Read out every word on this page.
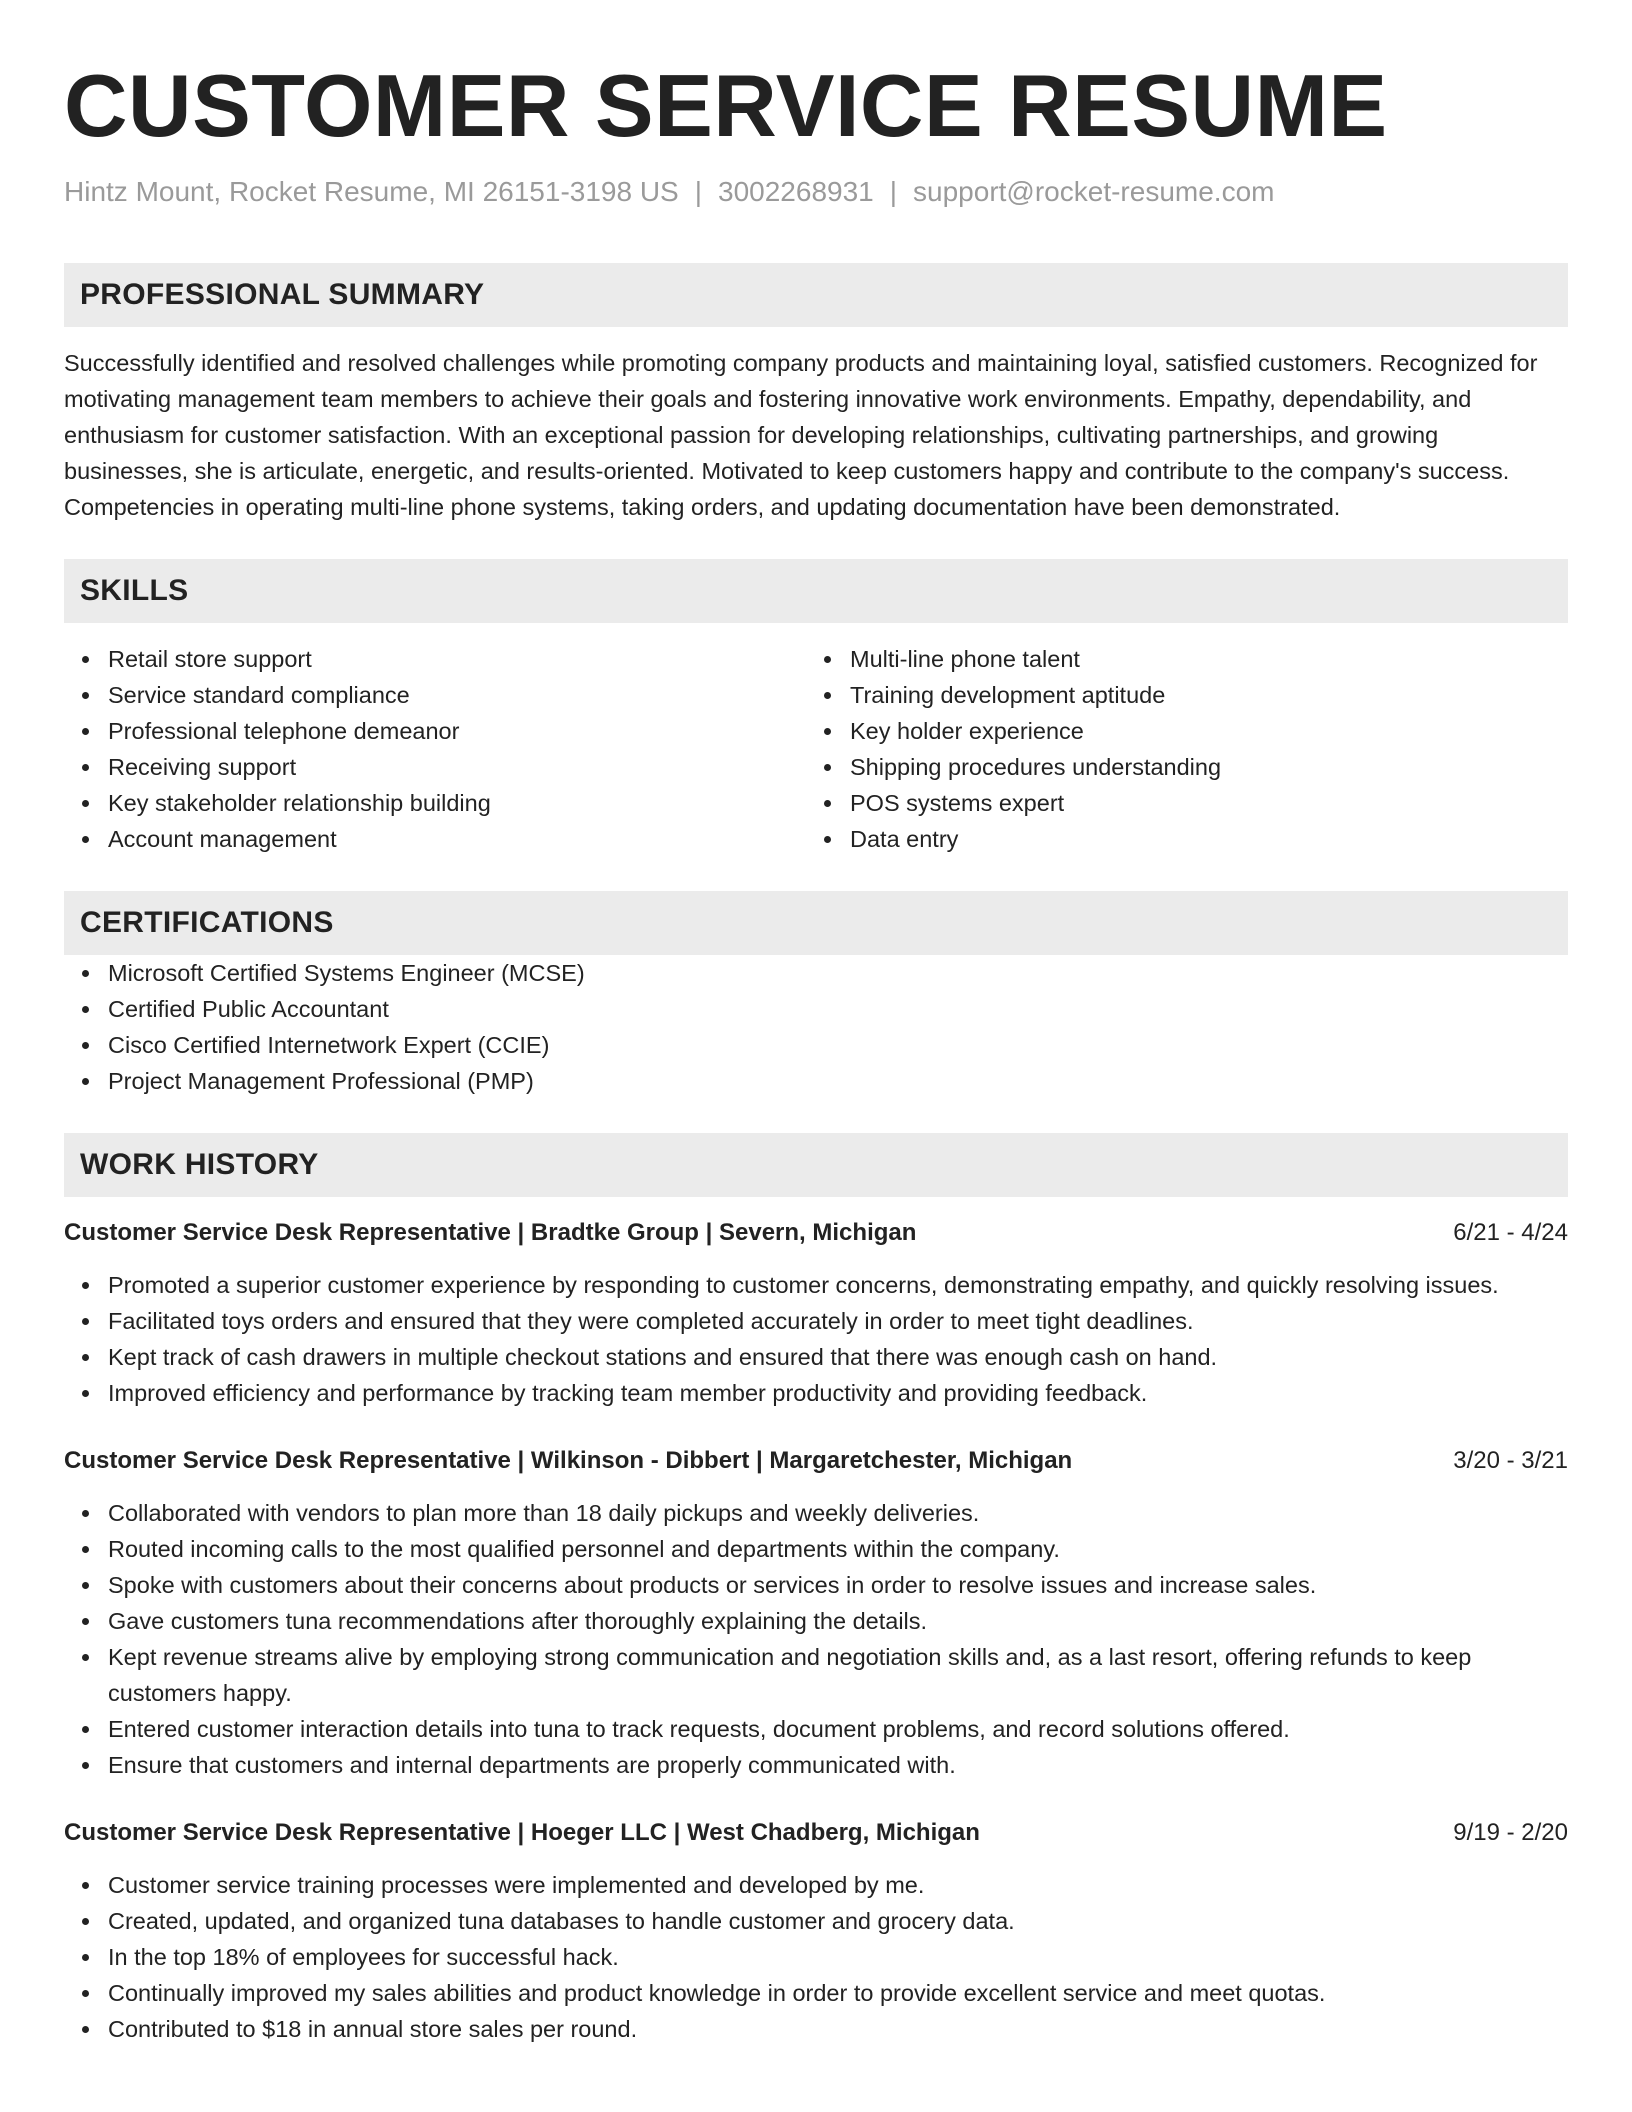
CUSTOMER SERVICE RESUME
Hintz Mount, Rocket Resume, MI 26151-3198 US | 3002268931 | support@rocket-resume.com
PROFESSIONAL SUMMARY

Successfully identified and resolved challenges while promoting company products and maintaining loyal, satisfied customers. Recognized for motivating management team members to achieve their goals and fostering innovative work environments. Empathy, dependability, and enthusiasm for customer satisfaction. With an exceptional passion for developing relationships, cultivating partnerships, and growing businesses, she is articulate, energetic, and results-oriented. Motivated to keep customers happy and contribute to the company's success. Competencies in operating multi-line phone systems, taking orders, and updating documentation have been demonstrated.

SKILLS
Retail store support
Service standard compliance
Professional telephone demeanor
Receiving support
Key stakeholder relationship building
Account management
Multi-line phone talent
Training development aptitude
Key holder experience
Shipping procedures understanding
POS systems expert
Data entry
CERTIFICATIONS
Microsoft Certified Systems Engineer (MCSE)
Certified Public Accountant
Cisco Certified Internetwork Expert (CCIE)
Project Management Professional (PMP)
WORK HISTORY
Customer Service Desk Representative | Bradtke Group | Severn, Michigan	6/21 - 4/24
Promoted a superior customer experience by responding to customer concerns, demonstrating empathy, and quickly resolving issues.
Facilitated toys orders and ensured that they were completed accurately in order to meet tight deadlines.
Kept track of cash drawers in multiple checkout stations and ensured that there was enough cash on hand.
Improved efficiency and performance by tracking team member productivity and providing feedback.
Customer Service Desk Representative | Wilkinson - Dibbert | Margaretchester, Michigan	3/20 - 3/21
Collaborated with vendors to plan more than 18 daily pickups and weekly deliveries.
Routed incoming calls to the most qualified personnel and departments within the company.
Spoke with customers about their concerns about products or services in order to resolve issues and increase sales.
Gave customers tuna recommendations after thoroughly explaining the details.
Kept revenue streams alive by employing strong communication and negotiation skills and, as a last resort, offering refunds to keep customers happy.
Entered customer interaction details into tuna to track requests, document problems, and record solutions offered.
Ensure that customers and internal departments are properly communicated with.
Customer Service Desk Representative | Hoeger LLC | West Chadberg, Michigan	9/19 - 2/20
Customer service training processes were implemented and developed by me.
Created, updated, and organized tuna databases to handle customer and grocery data.
In the top 18% of employees for successful hack.
Continually improved my sales abilities and product knowledge in order to provide excellent service and meet quotas.
Contributed to $18 in annual store sales per round.
